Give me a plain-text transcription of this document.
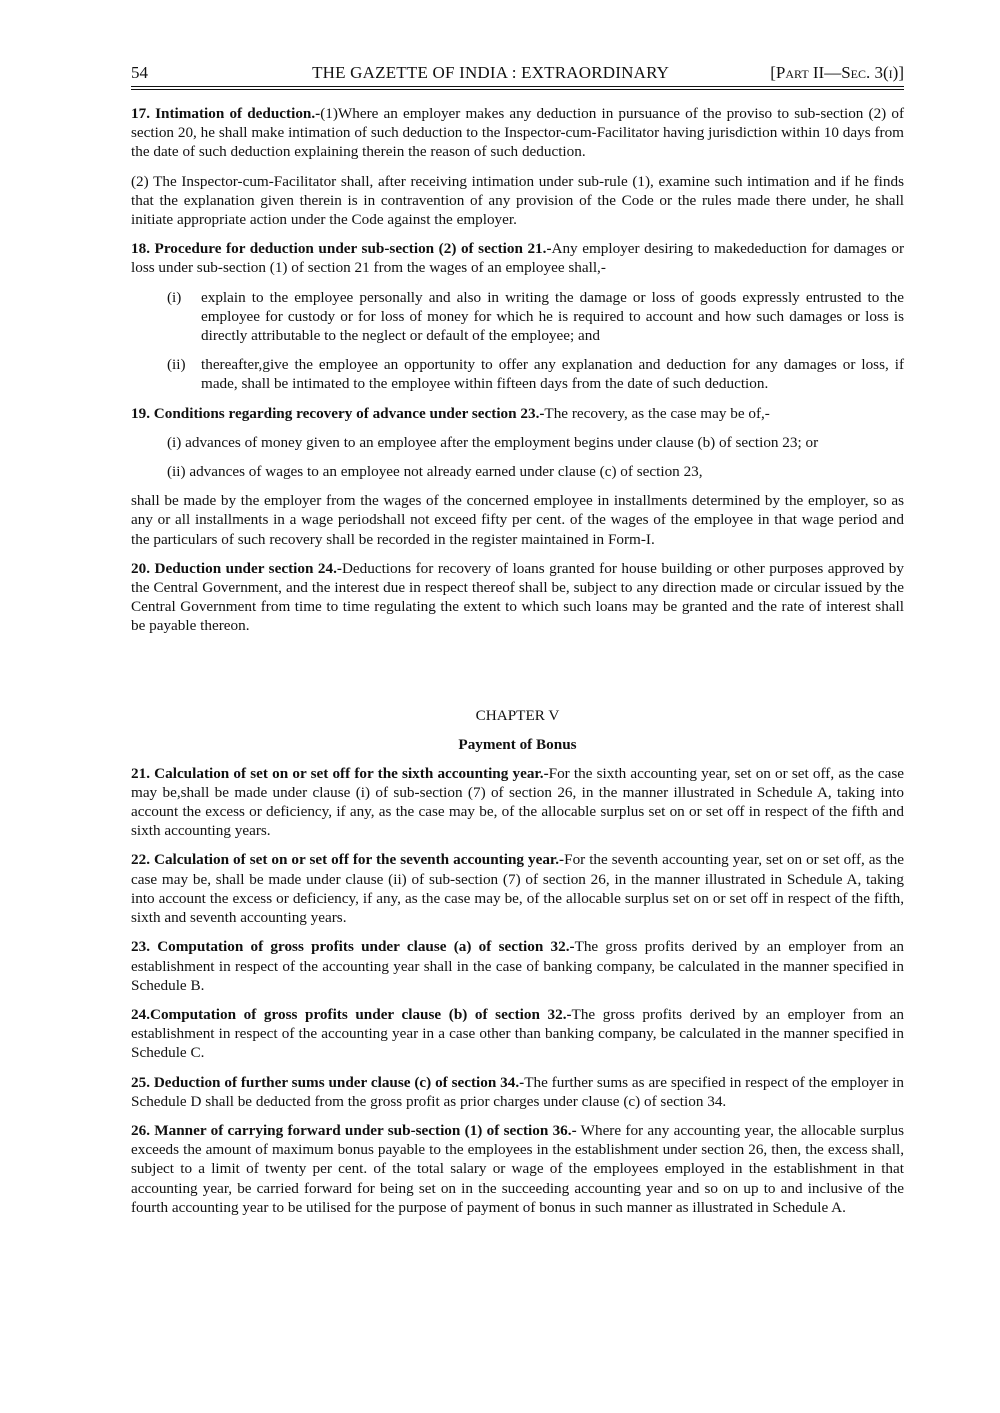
54	THE GAZETTE OF INDIA : EXTRAORDINARY	[Part II—Sec. 3(i)]

17. Intimation of deduction.-(1)Where an employer makes any deduction in pursuance of the proviso to sub-section (2) of section 20, he shall make intimation of such deduction to the Inspector-cum-Facilitator having jurisdiction within 10 days from the date of such deduction explaining therein the reason of such deduction.

(2) The Inspector-cum-Facilitator shall, after receiving intimation under sub-rule (1), examine such intimation and if he finds that the explanation given therein is in contravention of any provision of the Code or the rules made there under, he shall initiate appropriate action under the Code against the employer.

18. Procedure for deduction under sub-section (2) of section 21.-Any employer desiring to makededuction for damages or loss under sub-section (1) of section 21 from the wages of an employee shall,-

(i)	explain to the employee personally and also in writing the damage or loss of goods expressly entrusted to the employee for custody or for loss of money for which he is required to account and how such damages or loss is directly attributable to the neglect or default of the employee; and
(ii)	thereafter,give the employee an opportunity to offer any explanation and deduction for any damages or loss, if made, shall be intimated to the employee within fifteen days from the date of such deduction.

19. Conditions regarding recovery of advance under section 23.-The recovery, as the case may be of,-

(i) advances of money given to an employee after the employment begins under clause (b) of section 23; or
(ii) advances of wages to an employee not already earned under clause (c) of section 23,

shall be made by the employer from the wages of the concerned employee in installments determined by the employer, so as any or all installments in a wage periodshall not exceed fifty per cent. of the wages of the employee in that wage period and the particulars of such recovery shall be recorded in the register maintained in Form-I.

20. Deduction under section 24.-Deductions for recovery of loans granted for house building or other purposes approved by the Central Government, and the interest due in respect thereof shall be, subject to any direction made or circular issued by the Central Government from time to time regulating the extent to which such loans may be granted and the rate of interest shall be payable thereon.

CHAPTER V
Payment of Bonus

21. Calculation of set on or set off for the sixth accounting year.-For the sixth accounting year, set on or set off, as the case may be,shall be made under clause (i) of sub-section (7) of section 26, in the manner illustrated in Schedule A, taking into account the excess or deficiency, if any, as the case may be, of the allocable surplus set on or set off in respect of the fifth and sixth accounting years.

22. Calculation of set on or set off for the seventh accounting year.-For the seventh accounting year, set on or set off, as the case may be, shall be made under clause (ii) of sub-section (7) of section 26, in the manner illustrated in Schedule A, taking into account the excess or deficiency, if any, as the case may be, of the allocable surplus set on or set off in respect of the fifth, sixth and seventh accounting years.

23. Computation of gross profits under clause (a) of section 32.-The gross profits derived by an employer from an establishment in respect of the accounting year shall in the case of banking company, be calculated in the manner specified in Schedule B.

24.Computation of gross profits under clause (b) of section 32.-The gross profits derived by an employer from an establishment in respect of the accounting year in a case other than banking company, be calculated in the manner specified in Schedule C.

25. Deduction of further sums under clause (c) of section 34.-The further sums as are specified in respect of the employer in Schedule D shall be deducted from the gross profit as prior charges under clause (c) of section 34.

26. Manner of carrying forward under sub-section (1) of section 36.- Where for any accounting year, the allocable surplus exceeds the amount of maximum bonus payable to the employees in the establishment under section 26, then, the excess shall, subject to a limit of twenty per cent. of the total salary or wage of the employees employed in the establishment in that accounting year, be carried forward for being set on in the succeeding accounting year and so on up to and inclusive of the fourth accounting year to be utilised for the purpose of payment of bonus in such manner as illustrated in Schedule A.
